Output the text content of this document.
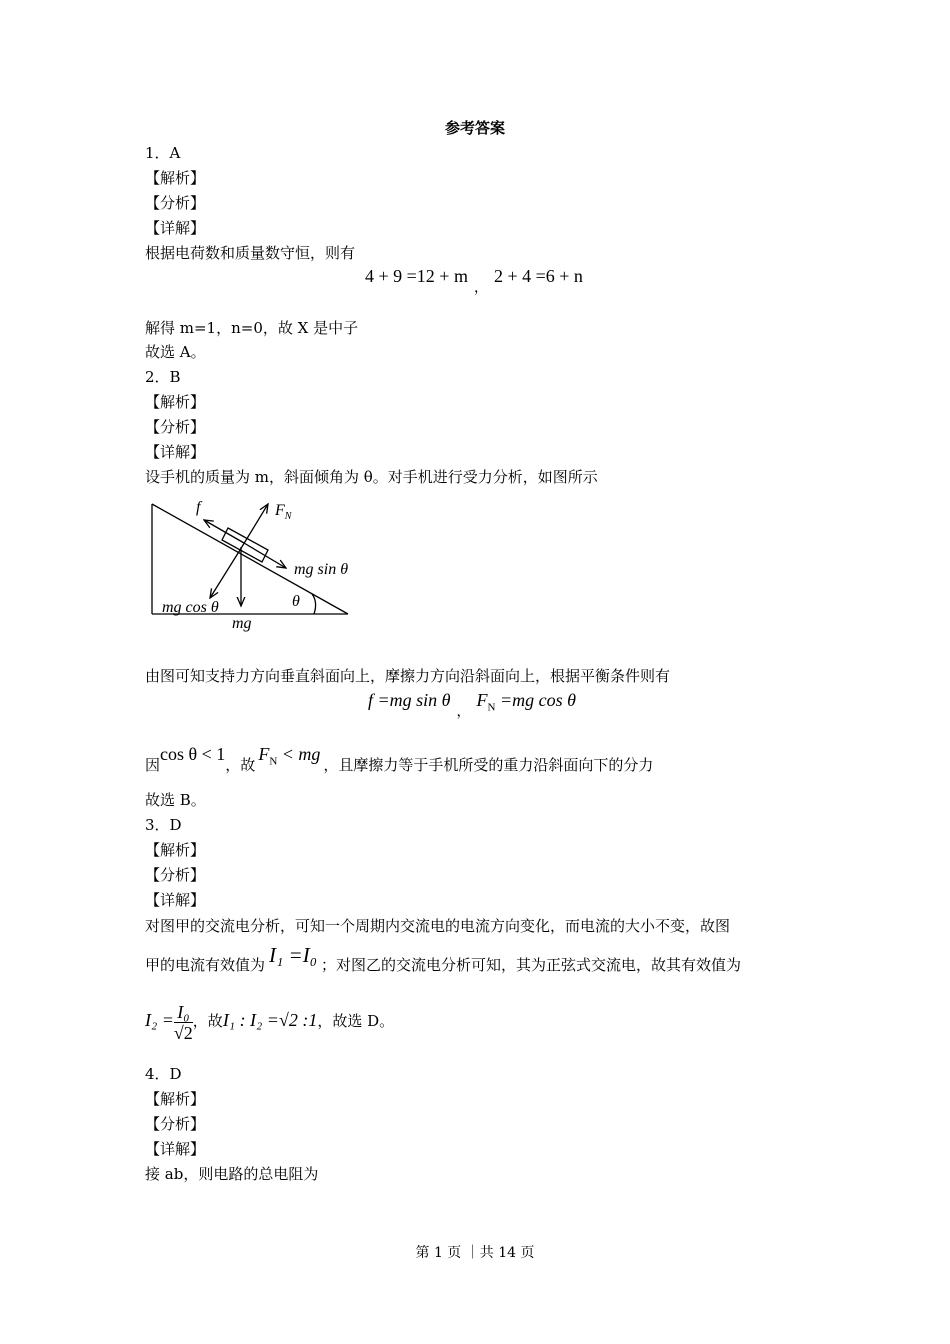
参考答案
1．A
【解析】
【分析】
【详解】
根据电荷数和质量数守恒，则有
$4 + 9 =12 + m_,2 + 4 =6 + n$
解得 m=1，n=0，故 X 是中子
故选 A。
2．B
【解析】
【分析】
【详解】
设手机的质量为 m，斜面倾角为 θ。对手机进行受力分析，如图所示
f	$F_N$
mg sin θ
mg cos θ
mg
θ
由图可知支持力方向垂直斜面向上，摩擦力方向沿斜面向上，根据平衡条件则有
f =mg $\sin \theta_,F_N =mg$ cos θ
因cos θ < 1，故$F_N$ < mg，且摩擦力等于手机所受的重力沿斜面向下的分力
故选 B。
3．D
【解析】
【分析】
【详解】
对图甲的交流电分析，可知一个周期内交流电的电流方向变化，而电流的大小不变，故图
甲的电流有效值为 I₁ =I₀ ；对图乙的交流电分析可知，其为正弦式交流电，故其有效值为
$I_2 = \frac{\text{I₀}}{√2}$ ，故I₁ : I₂ =√2 :1，故选 D。
4．D
【解析】
【分析】
【详解】
接 ab，则电路的总电阻为
第 1 页 ｜共 14 页
